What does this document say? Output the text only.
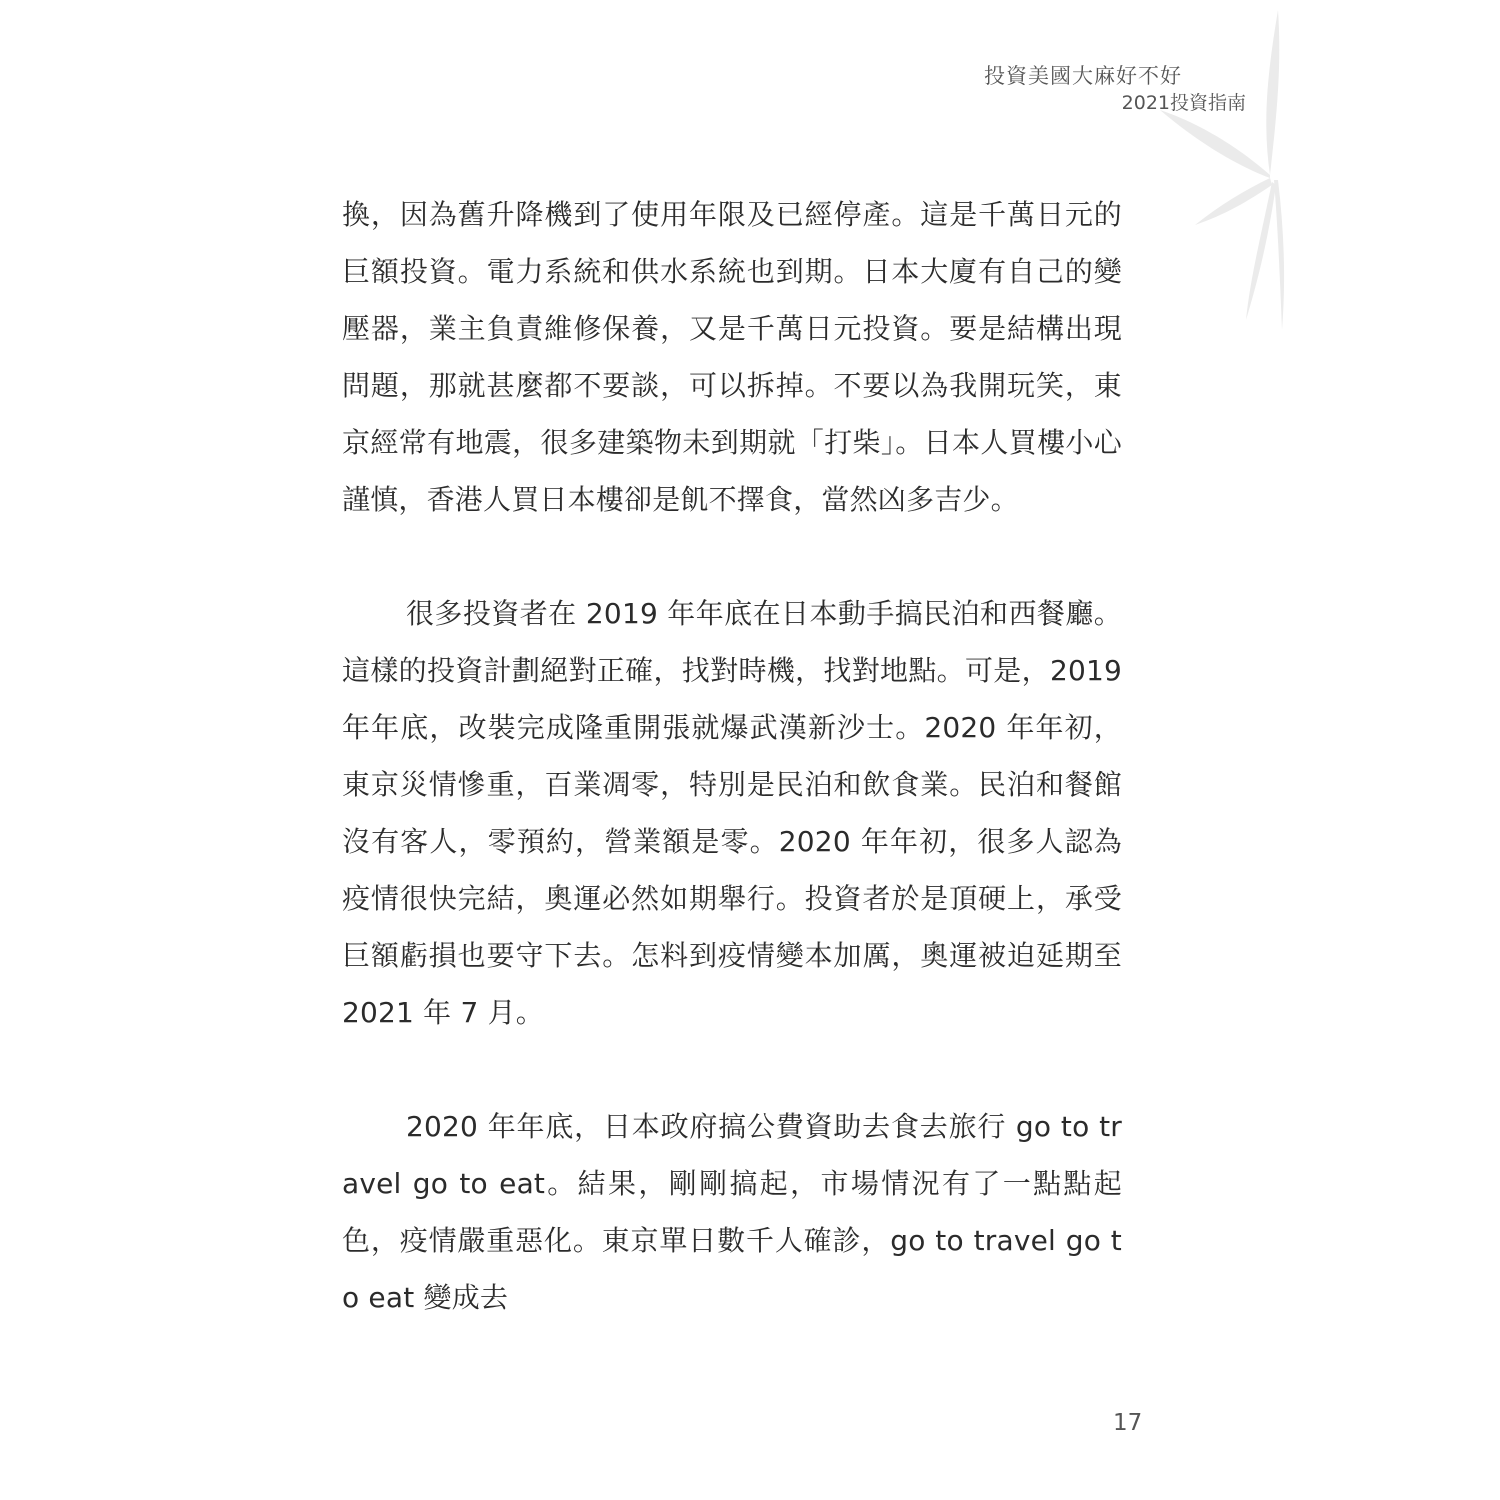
投資美國大麻好不好
2021投資指南

換，因為舊升降機到了使用年限及已經停產。這是千萬日元的巨額投資。電力系統和供水系統也到期。日本大廈有自己的變壓器，業主負責維修保養，又是千萬日元投資。要是結構出現問題，那就甚麼都不要談，可以拆掉。不要以為我開玩笑，東京經常有地震，很多建築物未到期就「打柴」。日本人買樓小心謹慎，香港人買日本樓卻是飢不擇食，當然凶多吉少。

很多投資者在 2019 年年底在日本動手搞民泊和西餐廳。這樣的投資計劃絕對正確，找對時機，找對地點。可是，2019 年年底，改裝完成隆重開張就爆武漢新沙士。2020 年年初，東京災情慘重，百業凋零，特別是民泊和飲食業。民泊和餐館沒有客人，零預約，營業額是零。2020 年年初，很多人認為疫情很快完結，奧運必然如期舉行。投資者於是頂硬上，承受巨額虧損也要守下去。怎料到疫情變本加厲，奧運被迫延期至 2021 年 7 月。

2020 年年底，日本政府搞公費資助去食去旅行 go to travel go to eat。結果，剛剛搞起，市場情況有了一點點起色，疫情嚴重惡化。東京單日數千人確診，go to travel go to eat 變成去

17
